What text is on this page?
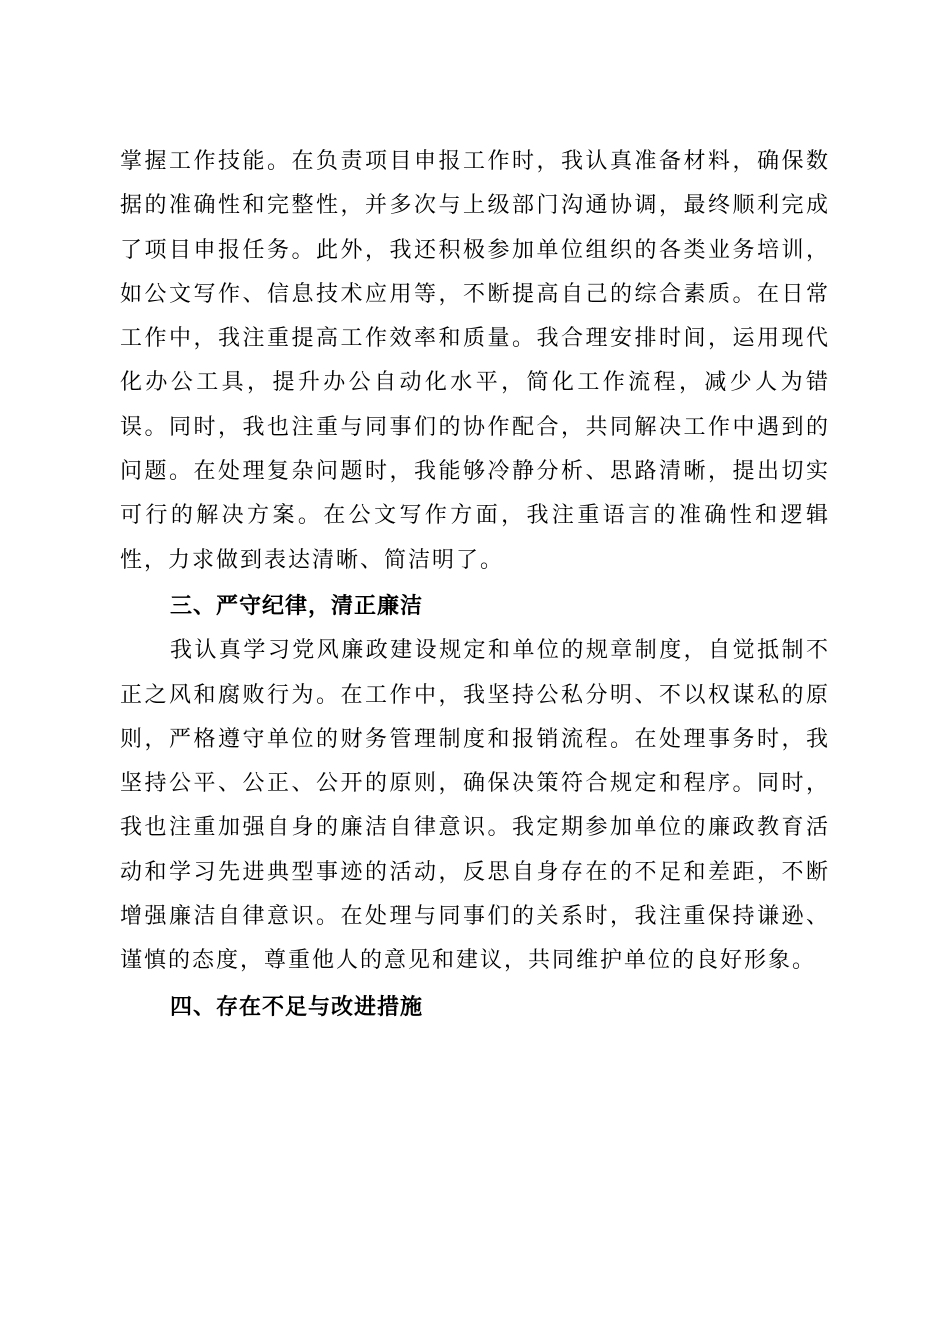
掌握工作技能。在负责项目申报工作时，我认真准备材料，确保数据的准确性和完整性，并多次与上级部门沟通协调，最终顺利完成了项目申报任务。此外，我还积极参加单位组织的各类业务培训，如公文写作、信息技术应用等，不断提高自己的综合素质。在日常工作中，我注重提高工作效率和质量。我合理安排时间，运用现代化办公工具，提升办公自动化水平，简化工作流程，减少人为错误。同时，我也注重与同事们的协作配合，共同解决工作中遇到的问题。在处理复杂问题时，我能够冷静分析、思路清晰，提出切实可行的解决方案。在公文写作方面，我注重语言的准确性和逻辑性，力求做到表达清晰、简洁明了。

三、严守纪律，清正廉洁

我认真学习党风廉政建设规定和单位的规章制度，自觉抵制不正之风和腐败行为。在工作中，我坚持公私分明、不以权谋私的原则，严格遵守单位的财务管理制度和报销流程。在处理事务时，我坚持公平、公正、公开的原则，确保决策符合规定和程序。同时，我也注重加强自身的廉洁自律意识。我定期参加单位的廉政教育活动和学习先进典型事迹的活动，反思自身存在的不足和差距，不断增强廉洁自律意识。在处理与同事们的关系时，我注重保持谦逊、谨慎的态度，尊重他人的意见和建议，共同维护单位的良好形象。

四、存在不足与改进措施
